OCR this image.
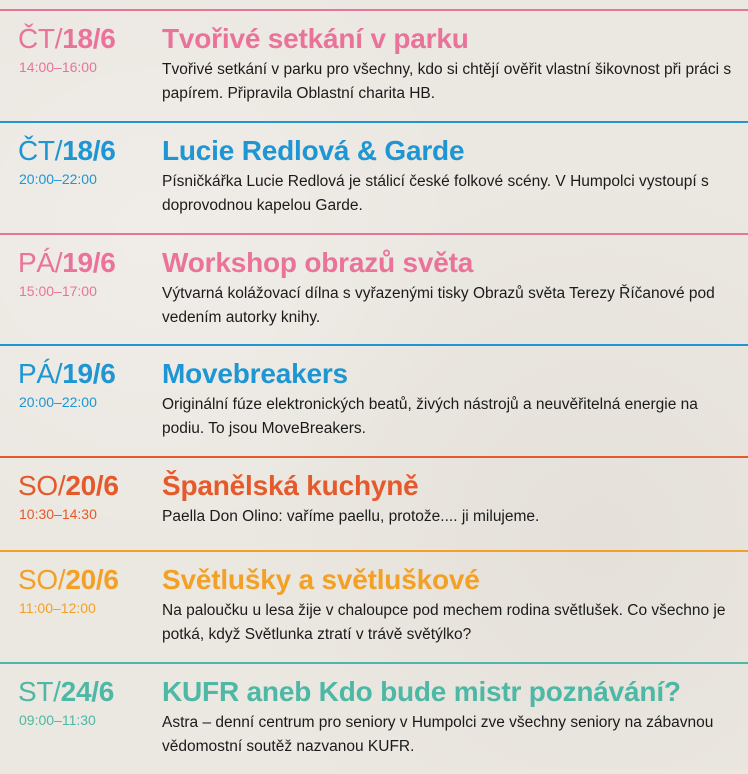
ČT/18/6
14:00–16:00
Tvořivé setkání v parku
Tvořivé setkání v parku pro všechny, kdo si chtějí ověřit vlastní šikovnost při práci s papírem. Připravila Oblastní charita HB.
ČT/18/6
20:00–22:00
Lucie Redlová & Garde
Písničkářka Lucie Redlová je stálicí české folkové scény. V Humpolci vystoupí s doprovodnou kapelou Garde.
PÁ/19/6
15:00–17:00
Workshop obrazů světa
Výtvarná kolážovací dílna s vyřazenými tisky Obrazů světa Terezy Říčanové pod vedením autorky knihy.
PÁ/19/6
20:00–22:00
Movebreakers
Originální fúze elektronických beatů, živých nástrojů a neuvěřitelná energie na podiu. To jsou MoveBreakers.
SO/20/6
10:30–14:30
Španělská kuchyně
Paella Don Olino: vaříme paellu, protože.... ji milujeme.
SO/20/6
11:00–12:00
Světlušky a světluškové
Na paloučku u lesa žije v chaloupce pod mechem rodina světlušek. Co všechno je potká, když Světlunka ztratí v trávě světýlko?
ST/24/6
09:00–11:30
KUFR aneb Kdo bude mistr poznávání?
Astra – denní centrum pro seniory v Humpolci zve všechny seniory na zábavnou vědomostní soutěž nazvanou KUFR.
